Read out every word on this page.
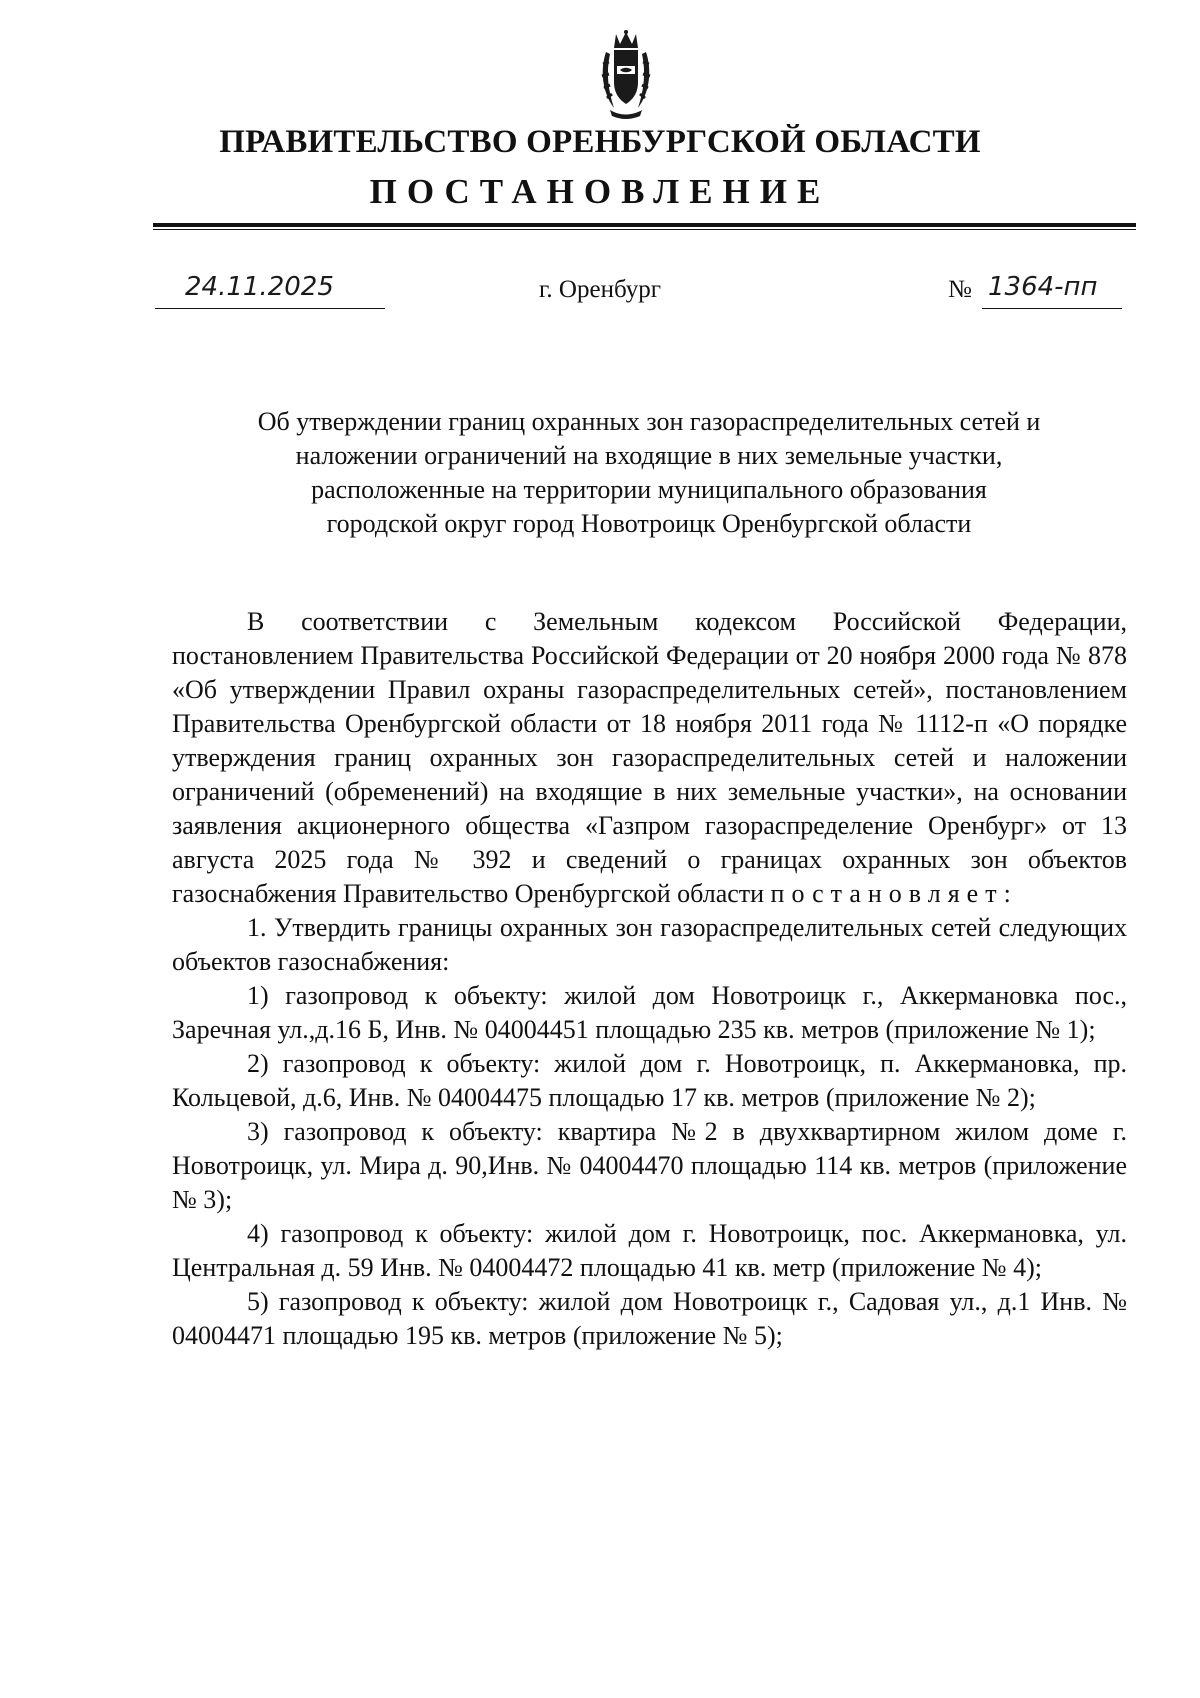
ПРАВИТЕЛЬСТВО ОРЕНБУРГСКОЙ ОБЛАСТИ
ПОСТАНОВЛЕНИЕ
24.11.2025	г. Оренбург	№ 1364-пп
Об утверждении границ охранных зон газораспределительных сетей и
наложении ограничений на входящие в них земельные участки,
расположенные на территории муниципального образования
городской округ город Новотроицк Оренбургской области

В соответствии с Земельным кодексом Российской Федерации, постановлением Правительства Российской Федерации от 20 ноября 2000 года № 878 «Об утверждении Правил охраны газораспределительных сетей», постановлением Правительства Оренбургской области от 18 ноября 2011 года № 1112-п «О порядке утверждения границ охранных зон газораспределительных сетей и наложении ограничений (обременений) на входящие в них земельные участки», на основании заявления акционерного общества «Газпром газораспределение Оренбург» от 13 августа 2025 года № 392 и сведений о границах охранных зон объектов газоснабжения Правительство Оренбургской области постановляет:

1. Утвердить границы охранных зон газораспределительных сетей следующих объектов газоснабжения:

1) газопровод к объекту: жилой дом Новотроицк г., Аккермановка пос., Заречная ул.,д.16 Б, Инв. № 04004451 площадью 235 кв. метров (приложение № 1);

2) газопровод к объекту: жилой дом г. Новотроицк, п. Аккермановка, пр. Кольцевой, д.6, Инв. № 04004475 площадью 17 кв. метров (приложение № 2);

3) газопровод к объекту: квартира №2 в двухквартирном жилом доме г. Новотроицк, ул. Мира д. 90,Инв. № 04004470 площадью 114 кв. метров (приложение № 3);

4) газопровод к объекту: жилой дом г. Новотроицк, пос. Аккермановка, ул. Центральная д. 59 Инв. № 04004472 площадью 41 кв. метр (приложение № 4);

5) газопровод к объекту: жилой дом Новотроицк г., Садовая ул., д.1 Инв. № 04004471 площадью 195 кв. метров (приложение № 5);
